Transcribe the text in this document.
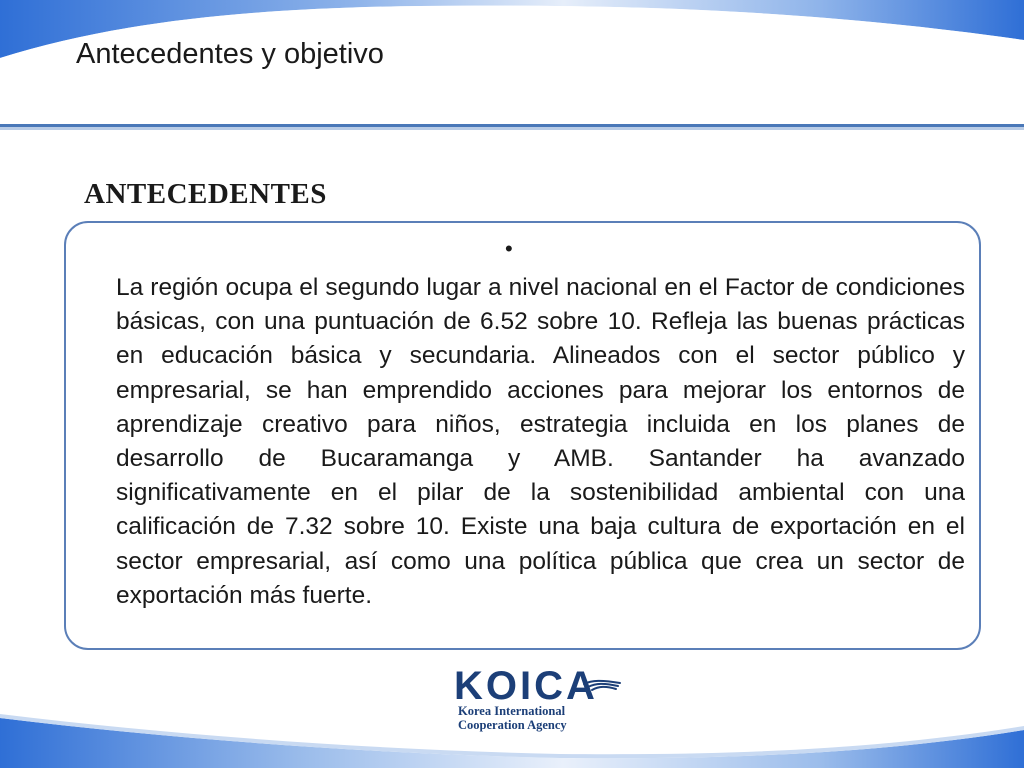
Antecedentes y objetivo
ANTECEDENTES
•

La región ocupa el segundo lugar a nivel nacional en el Factor de condiciones básicas, con una puntuación de 6.52 sobre 10. Refleja las buenas prácticas en educación básica y secundaria. Alineados con el sector público y empresarial, se han emprendido acciones para mejorar los entornos de aprendizaje creativo para niños, estrategia incluida en los planes de desarrollo de Bucaramanga y AMB. Santander ha avanzado significativamente en el pilar de la sostenibilidad ambiental con una calificación de 7.32 sobre 10. Existe una baja cultura de exportación en el sector empresarial, así como una política pública que crea un sector de exportación más fuerte.

KOICA
Korea International
Cooperation Agency
